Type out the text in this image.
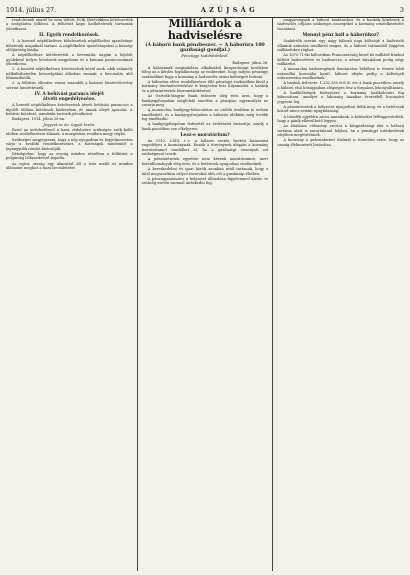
1914. július 27.	A Z Ú J S Á G	3

rendelésnek anatél be nem töltött 18-ik életévükben kötelezettek a szolgálatra felhívni. A felhívást kapó hadkötelesek tartoznak jelentkezni.

II. Egyéb rendelkezések.

1. A honvéd népfelkelésre kötelezettek népfölkelési igazolványt kötelesek maguknál tartani. A népfelkelési igazolványokat a községi elöljáróság kiadja.

A népfelkelésre kötelezettek a bevonulás napján a kijelölt gyülekező helyre kötelesek megjelenni és a katonai parancsnoknak jelentkezni.

2. A honvéd népfelkelésre kötelezettek közül azok, akik valamely nélkülözhetetlen közszolgálati állásban vannak, a bevonulás alól fölmenthetők.

3. A felhívás ellenére vissza maradók a katonai büntetőtörvény szerint büntettetnek.

IV. A behívási parancs idejét
átvett engedélyezése.

A honvéd népfelkelésre kötelezettek átvett behívási parancsot a kijelölt időben kötelesek kézbesíteni és annak idejét igazolni. A behívás kötelező, mindenki tartozik jelentkezni.

Budapest, 1914. július 26-án.

Jegyzet az ön. ügyek terén.

Ezzel az intézkedéssel a haza védelmére szükséges erők kellő időben rendelkezésre állanak, a mozgósítás rendben megy végbe.

Szükséges megjegyezni, hogy a nép nyugodtan és fegyelmezetten várja a további rendelkezéseket, a hatóságok mindenütt a legnagyobb rendet biztosítják.

Kétségtelen, hogy az ország minden részében a felhívást a polgárság lelkesedéssel fogadta.

Az egész ország egy akarattal áll a trón mellé és minden áldozatot meghoz a haza becsületéért.

Milliárdok a hadviselésre
(A háború bank pénzbeszer. — A háborúra 100 gazdasági gondjai.)
Pénzügyi tudósítónktól.
Budapest, július 26.

A háborúnak megindulása alkalmából közgazdasági körökben főleg az a kérdés foglalkoztatja az embereket, hogy milyen pénzügyi eszközökkel fogja a kormány a hadviselés óriási költségeit fedezni.

A háborúra előre rendelkezésre álló pénzügyi eszközökön kívül a kormány hitelműveletekhez is kénytelen lesz folyamodni, a bankok és a pénzintézetek közreműködésével.

Az Osztrák-Magyar Bank fedezete elég erős arra, hogy a bankjegyforgalom megfelelő emelése a pénzpiac egyensúlyát ne zavarja meg.

A monarchia bankjegy-kibocsátása az utóbbi években is erősen emelkedett, és a bankjegyforgalom a háborús időkben még tovább fog emelkedni.

A bankjegyforgalom fedezetét az érckészlet biztosítja, amely a bank pincéiben van elhelyezve.

Lesz-e moratórium?

Az 1912. LXIII. t.-c. a háború esetén fizetési halasztást engedélyez a kormánynak. Ennek a törvénynek alapján a kormány moratóriumot rendelhet el, ha a gazdasági viszonyok ezt szükségessé teszik.

A pénzintézetek egyelőre nem kérnek moratóriumot, mert betétállományuk elég erős, és a betétesek nyugodtan viselkednek.

A kereskedelmi és ipari körök azonban attól tartanak, hogy a hitel megszorítása súlyos zavarokat idéz elő a gazdasági életben.

A pénzügyminiszter a helyzetet állandóan figyelemmel kíséri, és szükség esetén azonnal intézkedni fog.

magyarságnak a háború kiadásaihoz, és a bankok kötelesek a hadviselés céljaira szükséges összegeket a kormány rendelkezésére bocsátani.

Mennyi pénz kell a háborúhoz?

Szakértők szerint egy nagy háború napi költsége a hadviselő államok számára rendkívül magas, és a háború tartamától függően milliárdokra rúghat.

Az 1870-71-iki háborúban Franciaország közel tíz milliárd frankot költött hadviselésre és hadisarcra, a német birodalom pedig négy milliárdot.

A monarchia hadseregének fenntartása békében is évente több százmillió koronába kerül, háború idején pedig a költségek sokszorosára emelkednek.

A bankok fedezete: 1,232,350.000 K. érc a bank pincéiben, amely a háború első hónapjaiban elégséges lesz a forgalom lebonyolítására.

A hadiköltségek fedezésére a kormány hadikölcsönt fog kibocsátani, amelyet a lakosság hazafias érzéséből bizonyára jegyezni fog.

A pénzintézetek a helyzetet nyugodtan ítélik meg, és a betétesek között nincs semmi nyugtalanság.

A tőzsdék egyelőre zárva maradnak, a kötéseket felfüggesztették, hogy a pánik elkerülhető legyen.

Az általános vélemény szerint a közgazdasági élet a háború tartama alatt is zavartalanul folyhat, ha a pénzügyi intézkedések idejében megtörténnek.

A kormány a gabonakivitel tilalmát is fontolóra vette, hogy az ország élelmezését biztosítsa.
